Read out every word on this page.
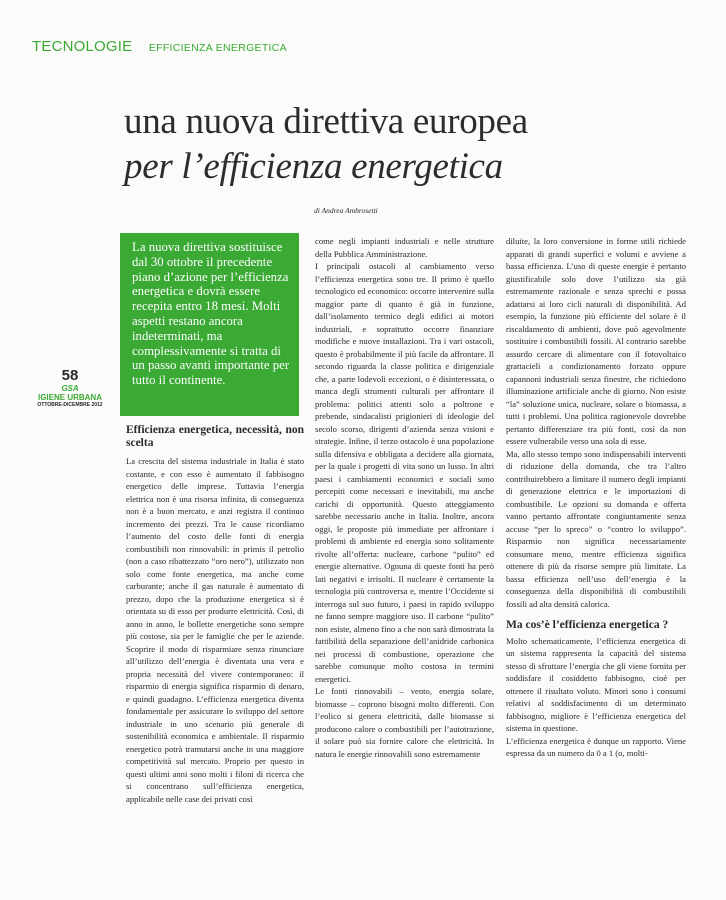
TECNOLOGIE EFFICIENZA ENERGETICA
una nuova direttiva europea
per l’efficienza energetica
di Andrea Ambrosetti
La nuova direttiva sostituisce dal 30 ottobre il precedente piano d’azione per l’efficienza energetica e dovrà essere recepita entro 18 mesi. Molti aspetti restano ancora indeterminati, ma complessivamente si tratta di un passo avanti importante per tutto il continente.
58
GSA
IGIENE URBANA
OTTOBRE-DICEMBRE 2012
Efficienza energetica, necessità, non scelta

La crescita del sistema industriale in Italia è stato costante, e con esso è aumentato il fabbisogno energetico delle imprese. Tuttavia l’energia elettrica non è una risorsa infinita, di conseguenza non è a buon mercato, e anzi registra il continuo incremento dei prezzi. Tra le cause ricordiamo l’aumento del costo delle fonti di energia combustibili non rinnovabili: in primis il petrolio (non a caso ribattezzato “oro nero”), utilizzato non solo come fonte energetica, ma anche come carburante; anche il gas naturale è aumentato di prezzo, dopo che la produzione energetica si è orientata su di esso per produrre elettricità. Così, di anno in anno, le bollette energetiche sono sempre più costose, sia per le famiglie che per le aziende. Scoprire il modo di risparmiare senza rinunciare all’utilizzo dell’energia è diventata una vera e propria necessità del vivere contemporaneo: il risparmio di energia significa risparmio di denaro, e quindi guadagno. L’efficienza energetica diventa fondamentale per assicurare lo sviluppo del settore industriale in uno scenario più generale di sostenibilità economica e ambientale. Il risparmio energetico potrà tramutarsi anche in una maggiore competitività sul mercato. Proprio per questo in questi ultimi anni sono molti i filoni di ricerca che si concentrano sull’efficienza energetica, applicabile nelle case dei privati così

come negli impianti industriali e nelle strutture della Pubblica Amministrazione.

I principali ostacoli al cambiamento verso l’efficienza energetica sono tre. Il primo è quello tecnologico ed economico: occorre intervenire sulla maggior parte di quanto è già in funzione, dall’isolamento termico degli edifici ai motori industriali, e soprattutto occorre finanziare modifiche e nuove installazioni. Tra i vari ostacoli, questo è probabilmente il più facile da affrontare. Il secondo riguarda la classe politica e dirigenziale che, a parte lodevoli eccezioni, o è disinteressata, o manca degli strumenti culturali per affrontare il problema: politici attenti solo a poltrone e prebende, sindacalisti prigionieri di ideologie del secolo scorso, dirigenti d’azienda senza visioni e strategie. Infine, il terzo ostacolo è una popolazione sulla difensiva e obbligata a decidere alla giornata, per la quale i progetti di vita sono un lusso. In altri paesi i cambiamenti economici e sociali sono percepiti come necessari e inevitabili, ma anche carichi di opportunità. Questo atteggiamento sarebbe necessario anche in Italia. Inoltre, ancora oggi, le proposte più immediate per affrontare i problemi di ambiente ed energia sono solitamente rivolte all’offerta: nucleare, carbone “pulito” ed energie alternative. Ognuna di queste fonti ha però lati negativi e irrisolti. Il nucleare è certamente la tecnologia più controversa e, mentre l’Occidente si interroga sul suo futuro, i paesi in rapido sviluppo ne fanno sempre maggiore uso. Il carbone “pulito” non esiste, almeno fino a che non sarà dimostrata la fattibilità della separazione dell’anidride carbonica nei processi di combustione, operazione che sarebbe comunque molto costosa in termini energetici.

Le fonti rinnovabili – vento, energia solare, biomasse – coprono bisogni molto differenti. Con l’eolico si genera elettricità, dalle biomasse si producono calore o combustibili per l’autotrazione, il solare può sia fornire calore che elettricità. In natura le energie rinnovabili sono estremamente

diluite, la loro conversione in forme utili richiede apparati di grandi superfici e volumi e avviene a bassa efficienza. L’uso di queste energie è pertanto giustificabile solo dove l’utilizzo sia già estremamente razionale e senza sprechi e possa adattarsi ai loro cicli naturali di disponibilità. Ad esempio, la funzione più efficiente del solare è il riscaldamento di ambienti, dove può agevolmente sostituire i combustibili fossili. Al contrario sarebbe assurdo cercare di alimentare con il fotovoltaico grattacieli a condizionamento forzato oppure capannoni industriali senza finestre, che richiedono illuminazione artificiale anche di giorno. Non esiste “la” soluzione unica, nucleare, solare o biomassa, a tutti i problemi. Una politica ragionevole dovrebbe pertanto differenziare tra più fonti, così da non essere vulnerabile verso una sola di esse.

Ma, allo stesso tempo sono indispensabili interventi di riduzione della domanda, che tra l’altro contribuirebbero a limitare il numero degli impianti di generazione elettrica e le importazioni di combustibile. Le opzioni su domanda e offerta vanno pertanto affrontate congiuntamente senza accuse “per lo spreco” o “contro lo sviluppo”. Risparmio non significa necessariamente consumare meno, mentre efficienza significa ottenere di più da risorse sempre più limitate. La bassa efficienza nell’uso dell’energia è la conseguenza della disponibilità di combustibili fossili ad alta densità calorica.

Ma cos’è l’efficienza energetica ?

Molto schematicamente, l’efficienza energetica di un sistema rappresenta la capacità del sistema stesso di sfruttare l’energia che gli viene fornita per soddisfare il cosiddetto fabbisogno, cioè per ottenere il risultato voluto. Minori sono i consumi relativi al soddisfacimento di un determinato fabbisogno, migliore è l’efficienza energetica del sistema in questione.

L’efficienza energetica è dunque un rapporto. Viene espressa da un numero da 0 a 1 (o, molti-
